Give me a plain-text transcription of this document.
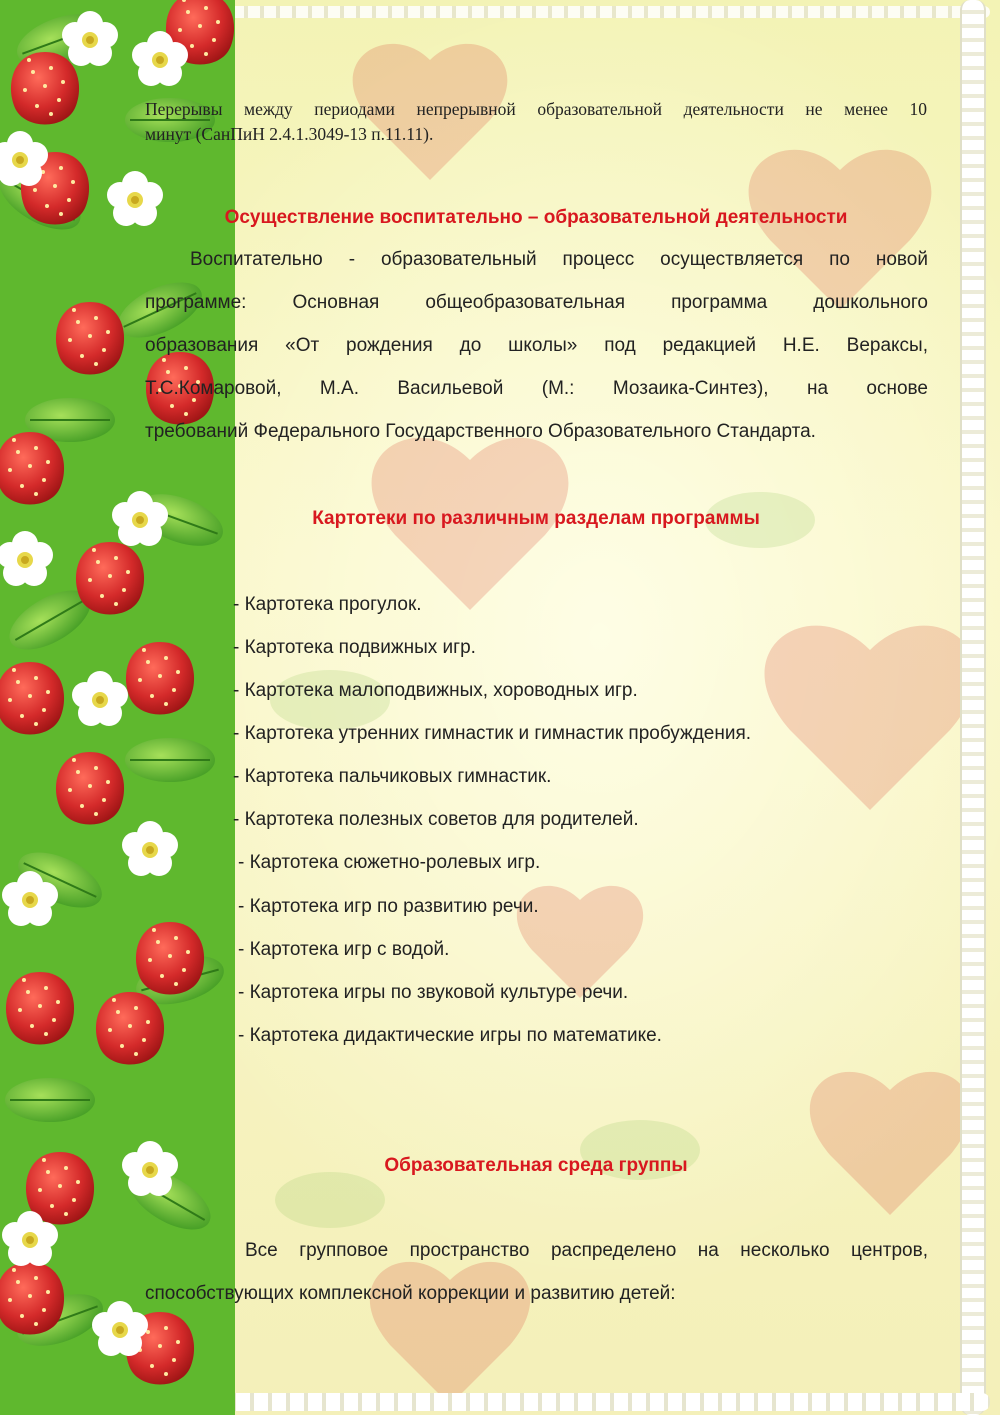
Перерывы между периодами непрерывной образовательной деятельности не менее 10
минут (СанПиН 2.4.1.3049-13 п.11.11).
Осуществление воспитательно – образовательной деятельности
Воспитательно - образовательный процесс осуществляется по новой
программе: Основная общеобразовательная программа дошкольного
образования «От рождения до школы» под редакцией Н.Е. Вераксы,
Т.С.Комаровой, М.А. Васильевой (М.: Мозаика-Синтез), на основе
требований Федерального Государственного Образовательного Стандарта.
Картотеки по различным разделам программы
- Картотека прогулок.
- Картотека подвижных игр.
- Картотека малоподвижных, хороводных игр.
- Картотека утренних гимнастик и гимнастик пробуждения.
- Картотека пальчиковых гимнастик.
- Картотека полезных советов для родителей.
- Картотека сюжетно-ролевых игр.
- Картотека игр по развитию речи.
- Картотека игр с водой.
- Картотека игры по звуковой культуре речи.
- Картотека дидактические игры по математике.
Образовательная среда группы
Все групповое пространство распределено на несколько центров,
способствующих комплексной коррекции и развитию детей:
